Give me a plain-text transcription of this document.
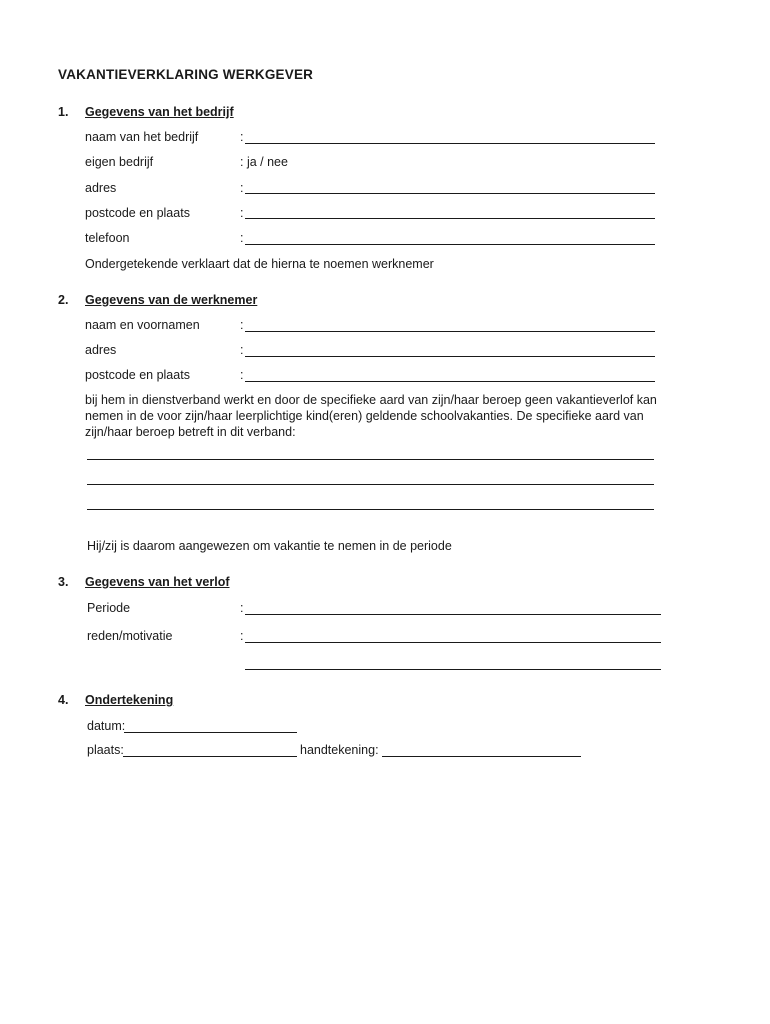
VAKANTIEVERKLARING WERKGEVER
1. Gegevens van het bedrijf
naam van het bedrijf	:
eigen bedrijf	: ja / nee
adres	:
postcode en plaats	:
telefoon	:
Ondergetekende verklaart dat de hierna te noemen werknemer
2. Gegevens van de werknemer
naam en voornamen	:
adres	:
postcode en plaats	:
bij hem in dienstverband werkt en door de specifieke aard van zijn/haar beroep geen vakantieverlof kan nemen in de voor zijn/haar leerplichtige kind(eren) geldende schoolvakanties. De specifieke aard van zijn/haar beroep betreft in dit verband:
Hij/zij is daarom aangewezen om vakantie te nemen in de periode
3. Gegevens van het verlof
Periode	:
reden/motivatie	:
4. Ondertekening
datum:
plaats:	handtekening:
